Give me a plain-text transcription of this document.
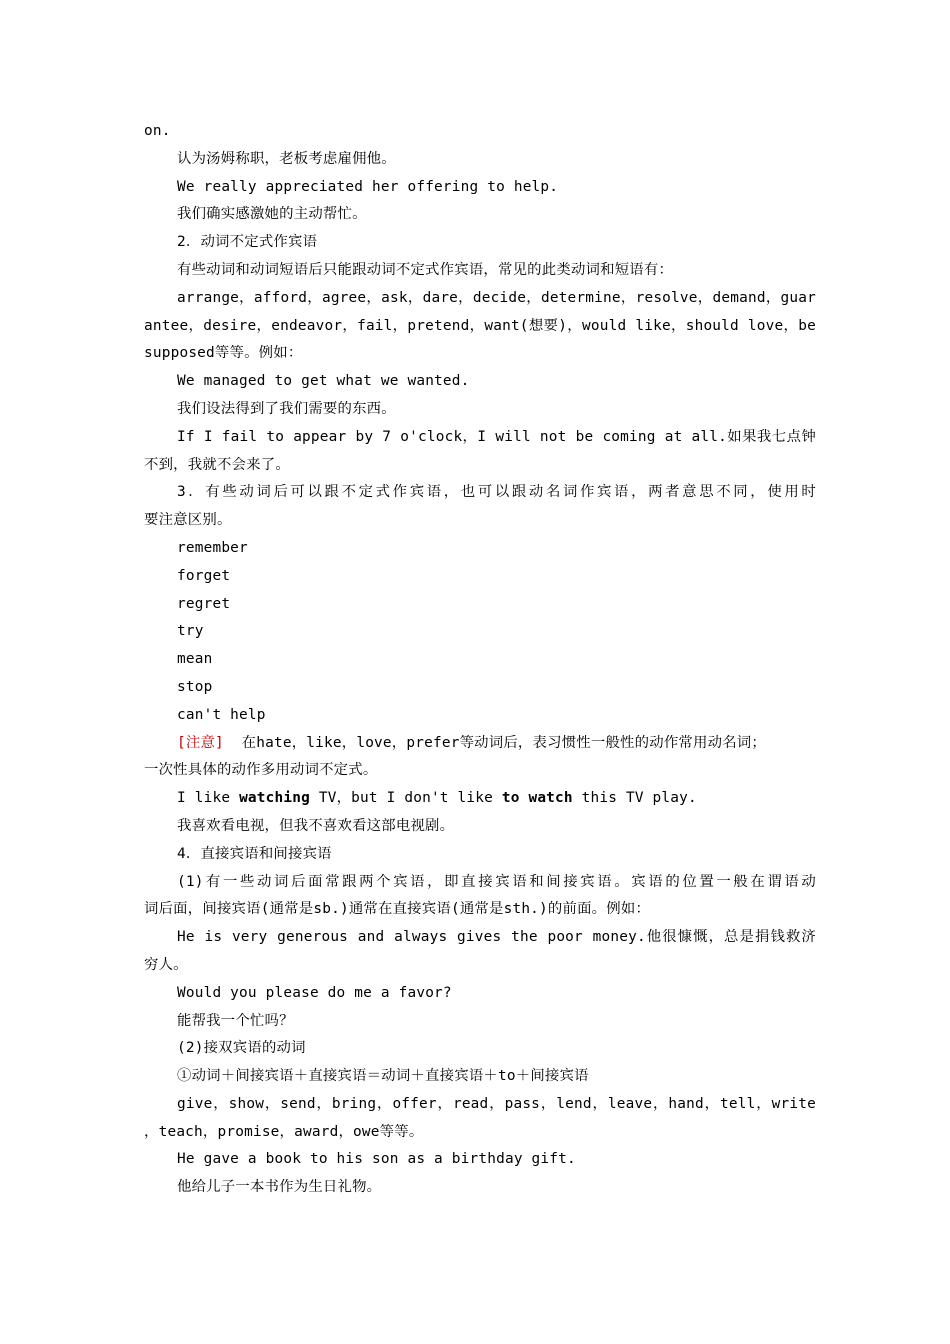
on.
认为汤姆称职，老板考虑雇佣他。
We really appreciated her offering to help.
我们确实感激她的主动帮忙。
2．动词不定式作宾语
有些动词和动词短语后只能跟动词不定式作宾语，常见的此类动词和短语有：
arrange，afford，agree，ask，dare，decide，determine，resolve，demand，guar
antee，desire，endeavor，fail，pretend，want(想要)，would like，should love，be
supposed等等。例如：
We managed to get what we wanted.
我们设法得到了我们需要的东西。
If I fail to appear by 7 o'clock，I will not be coming at all.如果我七点钟
不到，我就不会来了。
3．有些动词后可以跟不定式作宾语，也可以跟动名词作宾语，两者意思不同，使用时
要注意区别。
remember
forget
regret
try
mean
stop
can't help
[注意]  在hate，like，love，prefer等动词后，表习惯性一般性的动作常用动名词；
一次性具体的动作多用动词不定式。
I like watching TV，but I don't like to watch this TV play.
我喜欢看电视，但我不喜欢看这部电视剧。
4．直接宾语和间接宾语
(1)有一些动词后面常跟两个宾语，即直接宾语和间接宾语。宾语的位置一般在谓语动
词后面，间接宾语(通常是sb.)通常在直接宾语(通常是sth.)的前面。例如：
He is very generous and always gives the poor money.他很慷慨，总是捐钱救济
穷人。
Would you please do me a favor?
能帮我一个忙吗？
(2)接双宾语的动词
①动词＋间接宾语＋直接宾语＝动词＋直接宾语＋to＋间接宾语
give，show，send，bring，offer，read，pass，lend，leave，hand，tell，write
，teach，promise，award，owe等等。
He gave a book to his son as a birthday gift.
他给儿子一本书作为生日礼物。
